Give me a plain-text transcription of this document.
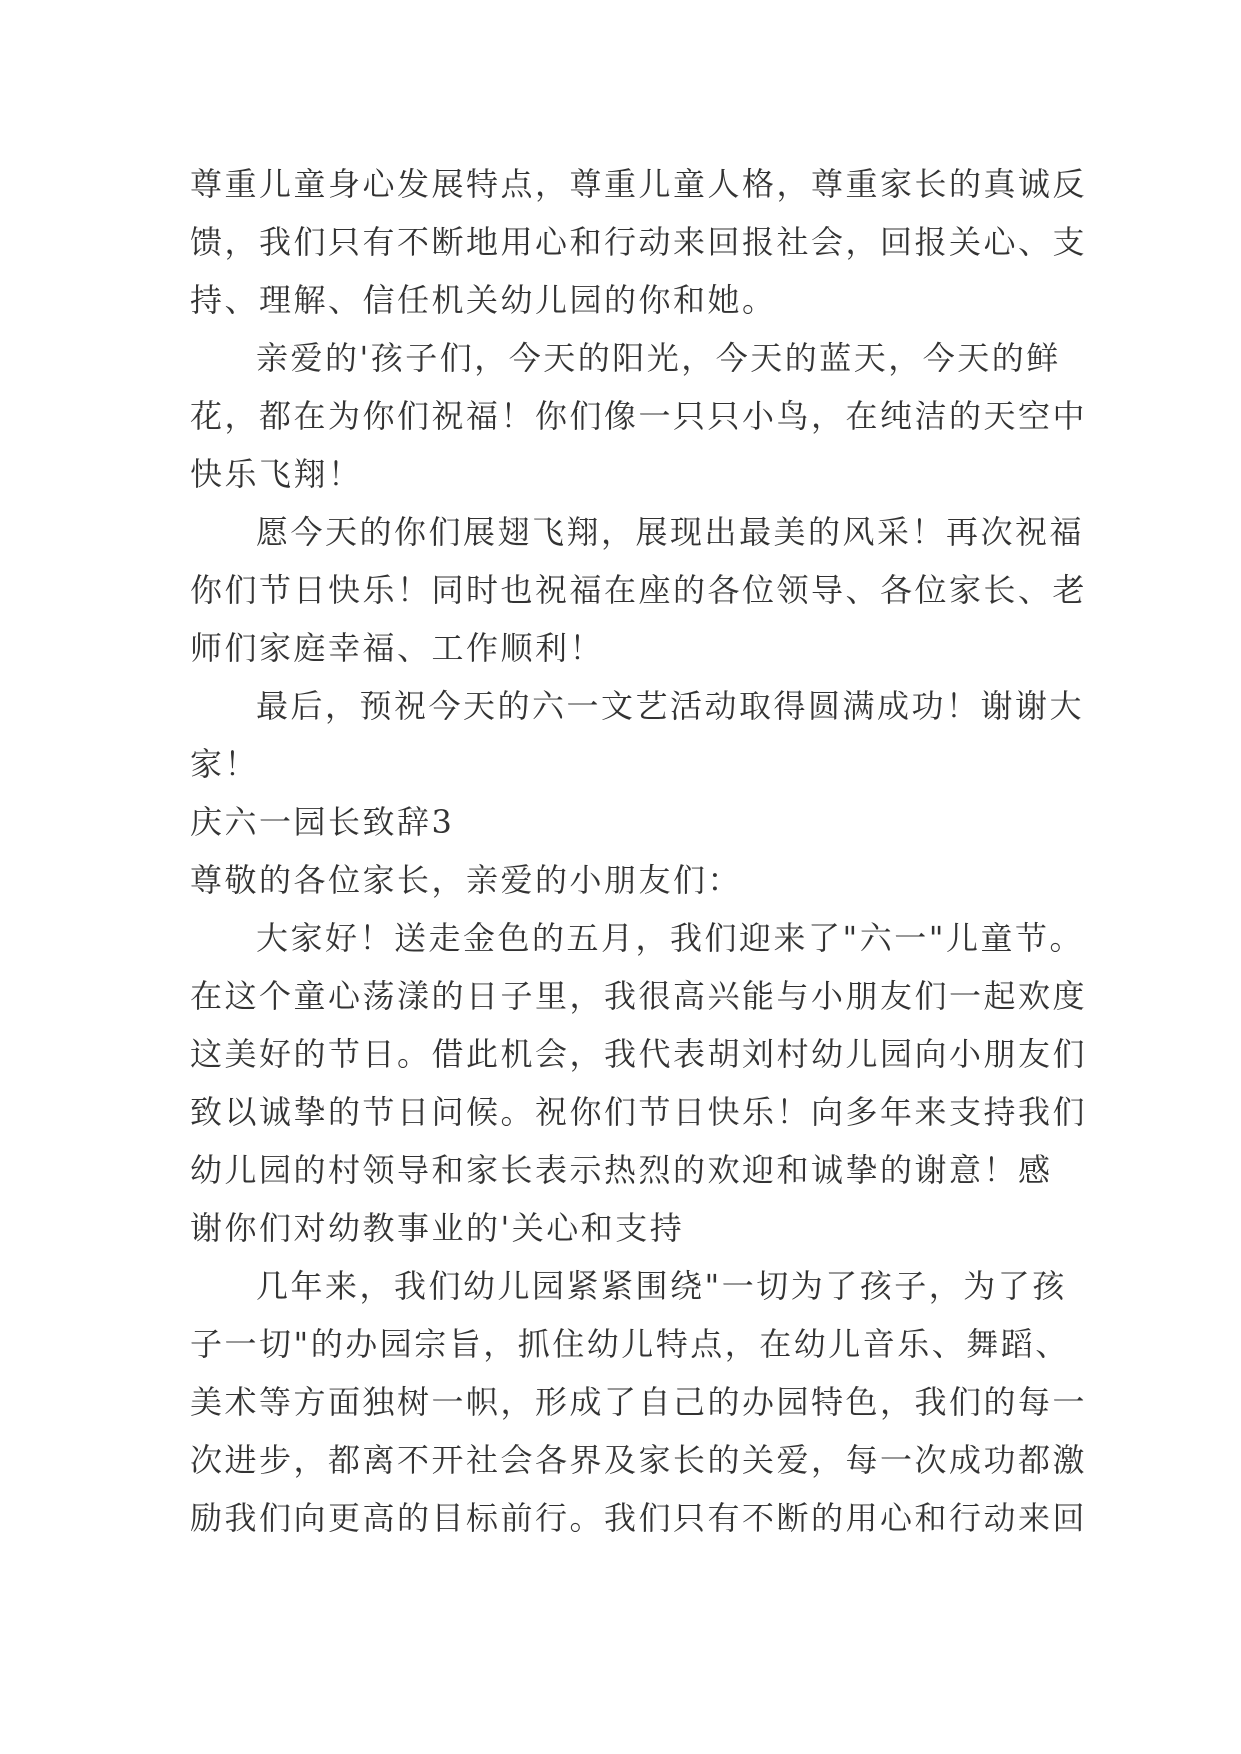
尊重儿童身心发展特点，尊重儿童人格，尊重家长的真诚反
馈，我们只有不断地用心和行动来回报社会，回报关心、支
持、理解、信任机关幼儿园的你和她。
亲爱的'孩子们，今天的阳光，今天的蓝天，今天的鲜
花，都在为你们祝福！你们像一只只小鸟，在纯洁的天空中
快乐飞翔！
愿今天的你们展翅飞翔，展现出最美的风采！再次祝福
你们节日快乐！同时也祝福在座的各位领导、各位家长、老
师们家庭幸福、工作顺利！
最后，预祝今天的六一文艺活动取得圆满成功！谢谢大
家！
庆六一园长致辞3
尊敬的各位家长，亲爱的小朋友们：
大家好！送走金色的五月，我们迎来了"六一"儿童节。
在这个童心荡漾的日子里，我很高兴能与小朋友们一起欢度
这美好的节日。借此机会，我代表胡刘村幼儿园向小朋友们
致以诚挚的节日问候。祝你们节日快乐！向多年来支持我们
幼儿园的村领导和家长表示热烈的欢迎和诚挚的谢意！感
谢你们对幼教事业的'关心和支持
几年来，我们幼儿园紧紧围绕"一切为了孩子，为了孩
子一切"的办园宗旨，抓住幼儿特点，在幼儿音乐、舞蹈、
美术等方面独树一帜，形成了自己的办园特色，我们的每一
次进步，都离不开社会各界及家长的关爱，每一次成功都激
励我们向更高的目标前行。我们只有不断的用心和行动来回
